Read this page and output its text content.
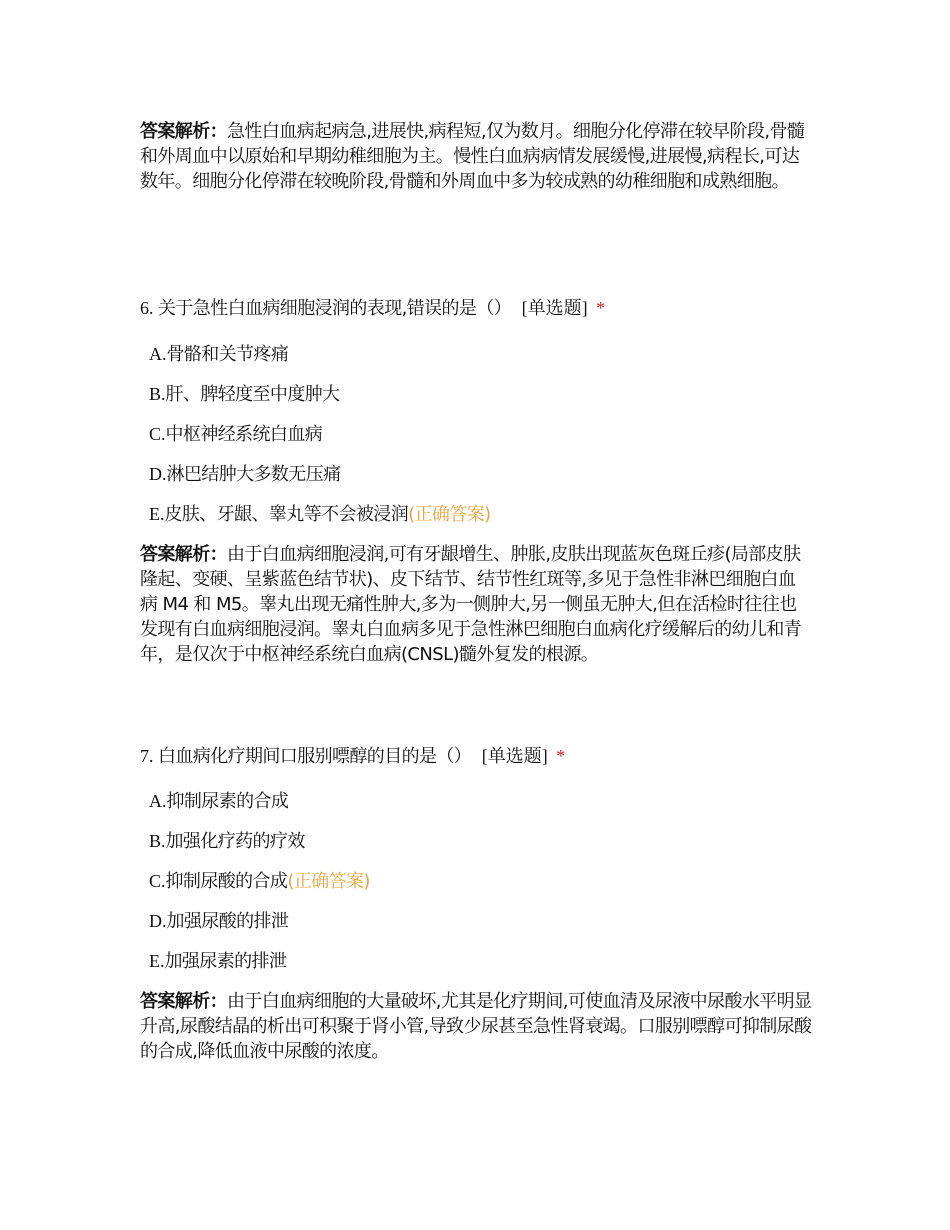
答案解析：急性白血病起病急,进展快,病程短,仅为数月。细胞分化停滞在较早阶段,骨髓和外周血中以原始和早期幼稚细胞为主。慢性白血病病情发展缓慢,进展慢,病程长,可达数年。细胞分化停滞在较晚阶段,骨髓和外周血中多为较成熟的幼稚细胞和成熟细胞。
6. 关于急性白血病细胞浸润的表现,错误的是（） [单选题] *
A.骨骼和关节疼痛
B.肝、脾轻度至中度肿大
C.中枢神经系统白血病
D.淋巴结肿大多数无压痛
E.皮肤、牙龈、睾丸等不会被浸润(正确答案)
答案解析：由于白血病细胞浸润,可有牙龈增生、肿胀,皮肤出现蓝灰色斑丘疹(局部皮肤隆起、变硬、呈紫蓝色结节状)、皮下结节、结节性红斑等,多见于急性非淋巴细胞白血病 M4 和 M5。睾丸出现无痛性肿大,多为一侧肿大,另一侧虽无肿大,但在活检时往往也发现有白血病细胞浸润。睾丸白血病多见于急性淋巴细胞白血病化疗缓解后的幼儿和青年，是仅次于中枢神经系统白血病(CNSL)髓外复发的根源。
7. 白血病化疗期间口服别嘌醇的目的是（） [单选题] *
A.抑制尿素的合成
B.加强化疗药的疗效
C.抑制尿酸的合成(正确答案)
D.加强尿酸的排泄
E.加强尿素的排泄
答案解析：由于白血病细胞的大量破坏,尤其是化疗期间,可使血清及尿液中尿酸水平明显升高,尿酸结晶的析出可积聚于肾小管,导致少尿甚至急性肾衰竭。口服别嘌醇可抑制尿酸的合成,降低血液中尿酸的浓度。
